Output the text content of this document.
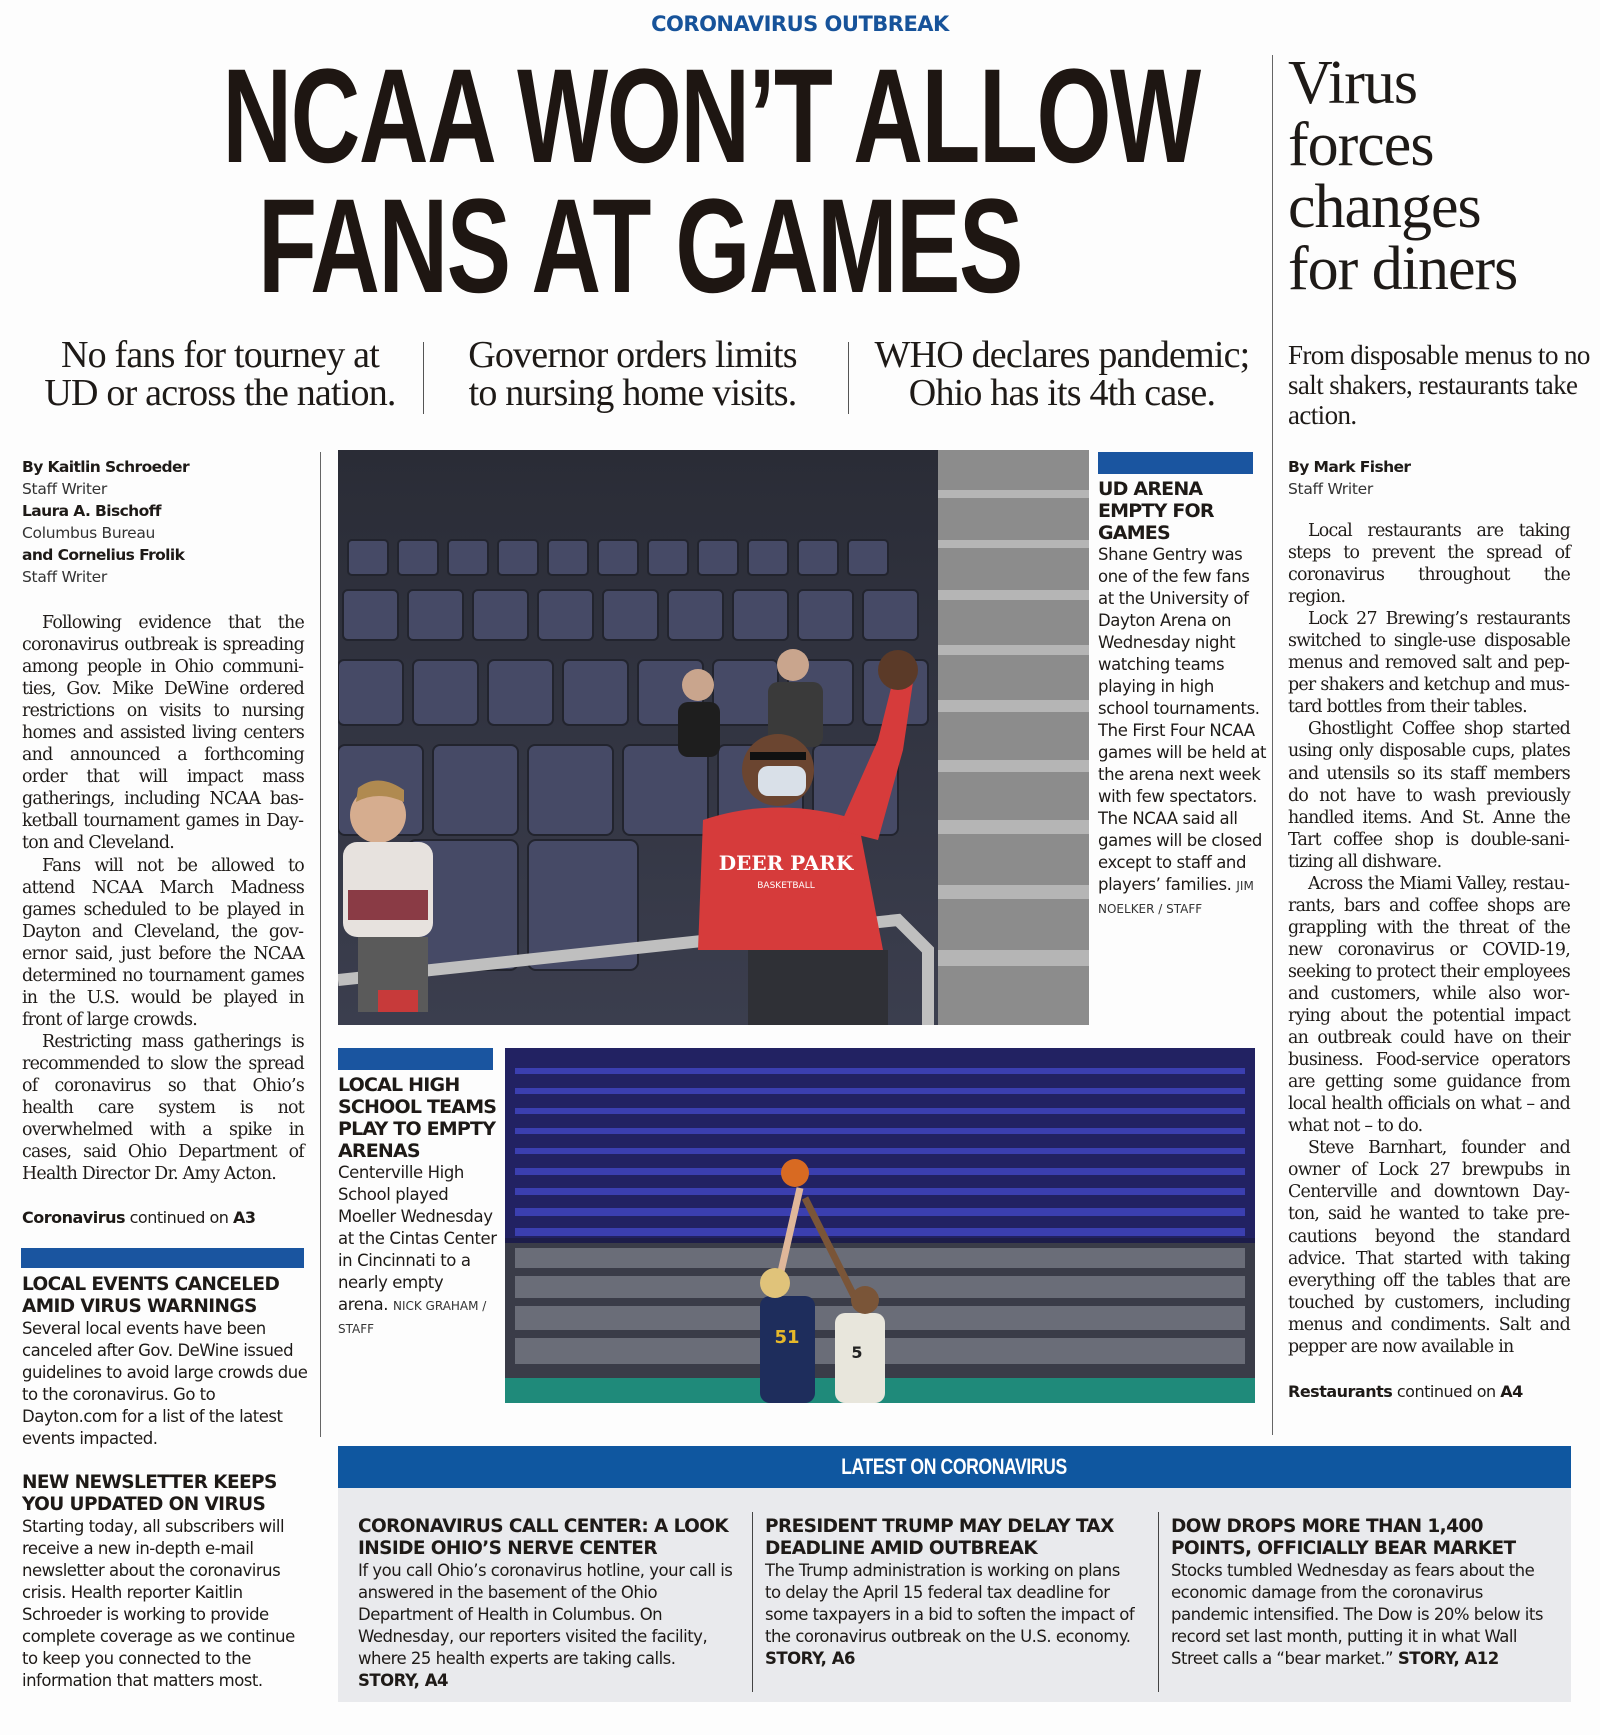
CORONAVIRUS OUTBREAK
NCAA WON’T ALLOW
FANS AT GAMES
No fans for tourney at
UD or across the nation.
Governor orders limits
to nursing home visits.
WHO declares pandemic;
Ohio has its 4th case.
Virus
forces
changes
for diners
From disposable menus to no salt shakers, restaurants take action.
By Mark Fisher
Staff Writer

Local restaurants are taking steps to prevent the spread of coronavirus throughout the region.

Lock 27 Brewing’s restaurants switched to single-use disposable menus and removed salt and pepper shakers and ketchup and mustard bottles from their tables.

Ghostlight Coffee shop started using only disposable cups, plates and utensils so its staff members do not have to wash previously handled items. And St. Anne the Tart coffee shop is double-sanitizing all dishware.

Across the Miami Valley, restaurants, bars and coffee shops are grappling with the threat of the new coronavirus or COVID-19, seeking to protect their employees and customers, while also worrying about the potential impact an outbreak could have on their business. Food-service operators are getting some guidance from local health officials on what – and what not – to do.

Steve Barnhart, founder and owner of Lock 27 brewpubs in Centerville and downtown Dayton, said he wanted to take precautions beyond the standard advice. That started with taking everything off the tables that are touched by customers, including menus and condiments. Salt and pepper are now available in

Restaurants continued on A4
By Kaitlin Schroeder
Staff Writer
Laura A. Bischoff
Columbus Bureau
and Cornelius Frolik
Staff Writer

Following evidence that the coronavirus outbreak is spreading among people in Ohio communities, Gov. Mike DeWine ordered restrictions on visits to nursing homes and assisted living centers and announced a forthcoming order that will impact mass gatherings, including NCAA basketball tournament games in Dayton and Cleveland.

Fans will not be allowed to attend NCAA March Madness games scheduled to be played in Dayton and Cleveland, the governor said, just before the NCAA determined no tournament games in the U.S. would be played in front of large crowds.

Restricting mass gatherings is recommended to slow the spread of coronavirus so that Ohio’s health care system is not overwhelmed with a spike in cases, said Ohio Department of Health Director Dr. Amy Acton.

Coronavirus continued on A3
LOCAL EVENTS CANCELED AMID VIRUS WARNINGS
Several local events have been canceled after Gov. DeWine issued guidelines to avoid large crowds due to the coronavirus. Go to Dayton.com for a list of the latest events impacted.
NEW NEWSLETTER KEEPS YOU UPDATED ON VIRUS
Starting today, all subscribers will receive a new in-depth e-mail newsletter about the coronavirus crisis. Health reporter Kaitlin Schroeder is working to provide complete coverage as we continue to keep you connected to the information that matters most.
DEER PARK
BASKETBALL
UD ARENA EMPTY FOR GAMES
Shane Gentry was one of the few fans at the University of Dayton Arena on Wednesday night watching teams playing in high school tournaments. The First Four NCAA games will be held at the arena next week with few spectators. The NCAA said all games will be closed except to staff and players’ families. JIM NOELKER / STAFF
LOCAL HIGH SCHOOL TEAMS PLAY TO EMPTY ARENAS
Centerville High School played Moeller Wednesday at the Cintas Center in Cincinnati to a nearly empty arena. NICK GRAHAM / STAFF	51
5
LATEST ON CORONAVIRUS
CORONAVIRUS CALL CENTER: A LOOK INSIDE OHIO’S NERVE CENTER
If you call Ohio’s coronavirus hotline, your call is answered in the basement of the Ohio Department of Health in Columbus. On Wednesday, our reporters visited the facility, where 25 health experts are taking calls. STORY, A4
PRESIDENT TRUMP MAY DELAY TAX DEADLINE AMID OUTBREAK
The Trump administration is working on plans to delay the April 15 federal tax deadline for some taxpayers in a bid to soften the impact of the coronavirus outbreak on the U.S. economy.
STORY, A6
DOW DROPS MORE THAN 1,400 POINTS, OFFICIALLY BEAR MARKET
Stocks tumbled Wednesday as fears about the economic damage from the coronavirus pandemic intensified. The Dow is 20% below its record set last month, putting it in what Wall Street calls a “bear market.” STORY, A12
